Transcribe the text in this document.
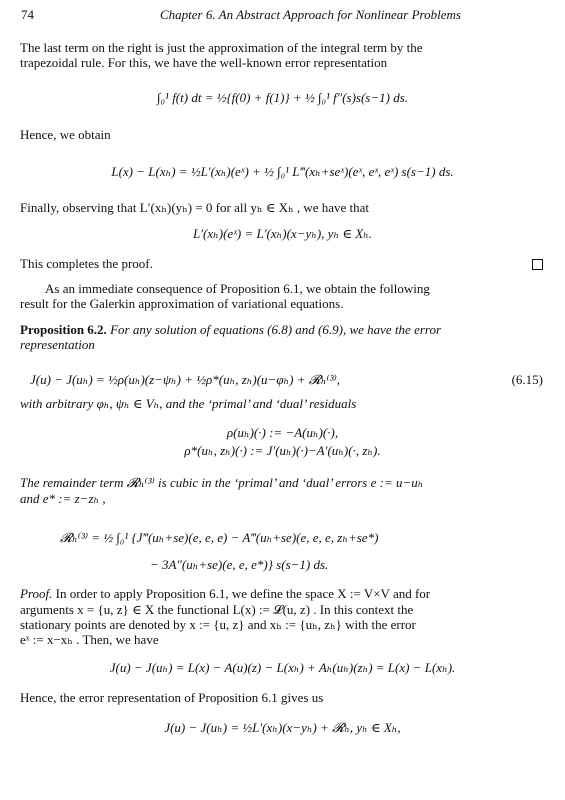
74	Chapter 6. An Abstract Approach for Nonlinear Problems
The last term on the right is just the approximation of the integral term by the
trapezoidal rule. For this, we have the well-known error representation
∫₀¹ f(t) dt = ½{f(0) + f(1)} + ½ ∫₀¹ f″(s)s(s−1) ds.
Hence, we obtain
L(x) − L(xₕ) = ½L′(xₕ)(eˣ) + ½ ∫₀¹ L‴(xₕ+seˣ)(eˣ, eˣ, eˣ) s(s−1) ds.
Finally, observing that L′(xₕ)(yₕ) = 0 for all yₕ ∈ Xₕ , we have that
L′(xₕ)(eˣ) = L′(xₕ)(x−yₕ), yₕ ∈ Xₕ.
This completes the proof.
As an immediate consequence of Proposition 6.1, we obtain the following
result for the Galerkin approximation of variational equations.
Proposition 6.2. For any solution of equations (6.8) and (6.9), we have the error
representation
J(u) − J(uₕ) = ½ρ(uₕ)(z−ψₕ) + ½ρ*(uₕ, zₕ)(u−φₕ) + 𝓡ₕ⁽³⁾,	(6.15)
with arbitrary φₕ, ψₕ ∈ Vₕ, and the ‘primal’ and ‘dual’ residuals
ρ(uₕ)(·) := −A(uₕ)(·),
ρ*(uₕ, zₕ)(·) := J′(uₕ)(·)−A′(uₕ)(·, zₕ).
The remainder term 𝓡ₕ⁽³⁾ is cubic in the ‘primal’ and ‘dual’ errors e := u−uₕ
and e* := z−zₕ ,
𝓡ₕ⁽³⁾ = ½ ∫₀¹ {J‴(uₕ+se)(e, e, e) − A‴(uₕ+se)(e, e, e, zₕ+se*)
− 3A″(uₕ+se)(e, e, e*)} s(s−1) ds.
Proof. In order to apply Proposition 6.1, we define the space X := V×V and for
arguments x = {u, z} ∈ X the functional L(x) := 𝓛(u, z) . In this context the
stationary points are denoted by x := {u, z} and xₕ := {uₕ, zₕ} with the error
eˣ := x−xₕ . Then, we have
J(u) − J(uₕ) = L(x) − A(u)(z) − L(xₕ) + Aₕ(uₕ)(zₕ) = L(x) − L(xₕ).
Hence, the error representation of Proposition 6.1 gives us
J(u) − J(uₕ) = ½L′(xₕ)(x−yₕ) + 𝓡ₕ, yₕ ∈ Xₕ,
